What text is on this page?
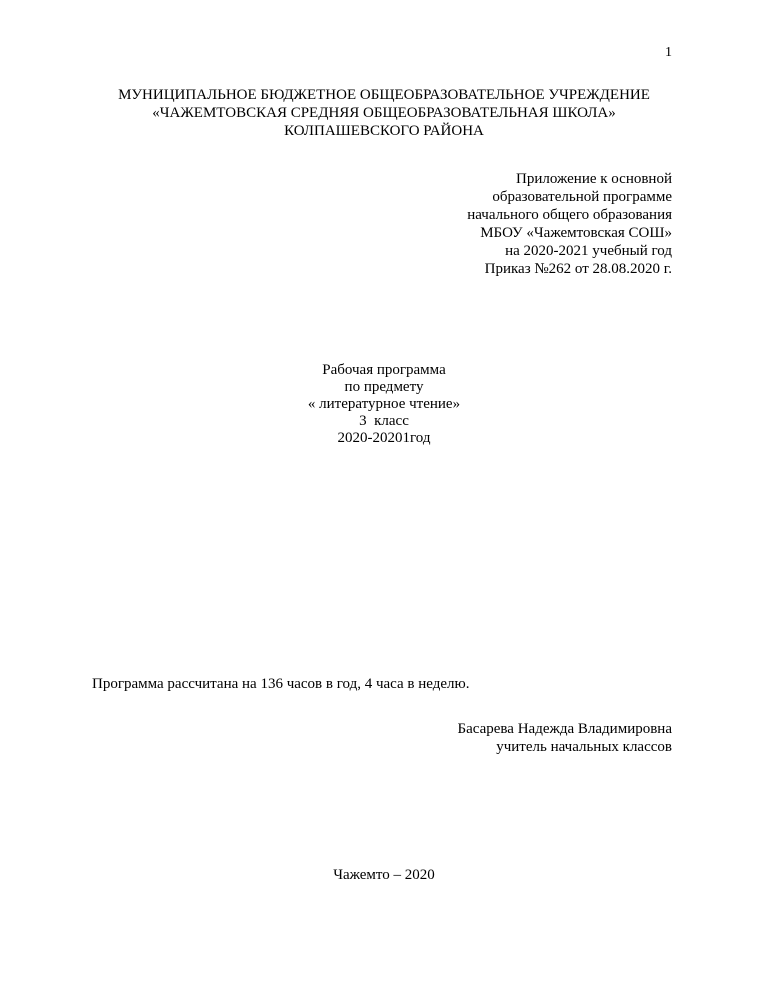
1
МУНИЦИПАЛЬНОЕ БЮДЖЕТНОЕ ОБЩЕОБРАЗОВАТЕЛЬНОЕ УЧРЕЖДЕНИЕ
«ЧАЖЕМТОВСКАЯ СРЕДНЯЯ ОБЩЕОБРАЗОВАТЕЛЬНАЯ ШКОЛА»
КОЛПАШЕВСКОГО РАЙОНА
Приложение к основной
образовательной программе
начального общего образования
МБОУ «Чажемтовская СОШ»
на 2020-2021 учебный год
Приказ №262 от 28.08.2020 г.
Рабочая программа
по предмету
« литературное чтение»
3  класс
2020-20201год
Программа рассчитана на 136 часов в год, 4 часа в неделю.
Басарева Надежда Владимировна
учитель начальных классов
Чажемто – 2020
